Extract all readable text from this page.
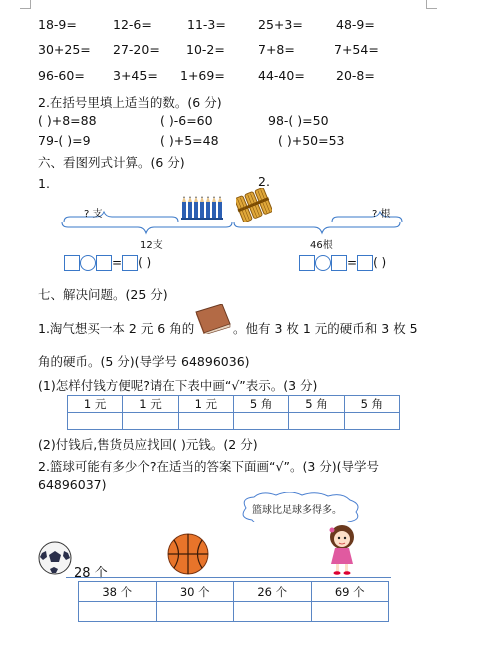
18-9=	12-6=	11-3=	25+3=	48-9=
30+25= 27-20= 10-2=	7+8=	7+54=
96-60= 3+45= 1+69=	44-40= 20-8=
2.在括号里填上适当的数。(6 分)
( )+8=88	( )-6=60	98-( )=50
79-( )=9	( )+5=48	( )+50=53
六、看图列式计算。(6 分)
1.	2.
? 支	? 根
12支	46根
= ( )	= ( )
七、解决问题。(25 分)
1.淘气想买一本 2 元 6 角的	。他有 3 枚 1 元的硬币和 3 枚 5
角的硬币。(5 分)(导学号 64896036)
(1)怎样付钱方便呢?请在下表中画“√”表示。(3 分)
1 元	1 元	1 元	5 角	5 角	5 角

(2)付钱后,售货员应找回( )元钱。(2 分)
2.篮球可能有多少个?在适当的答案下面画“√”。(3 分)(导学号
64896037)
篮球比足球多得多。
28 个
38 个	30 个	26 个	69 个
